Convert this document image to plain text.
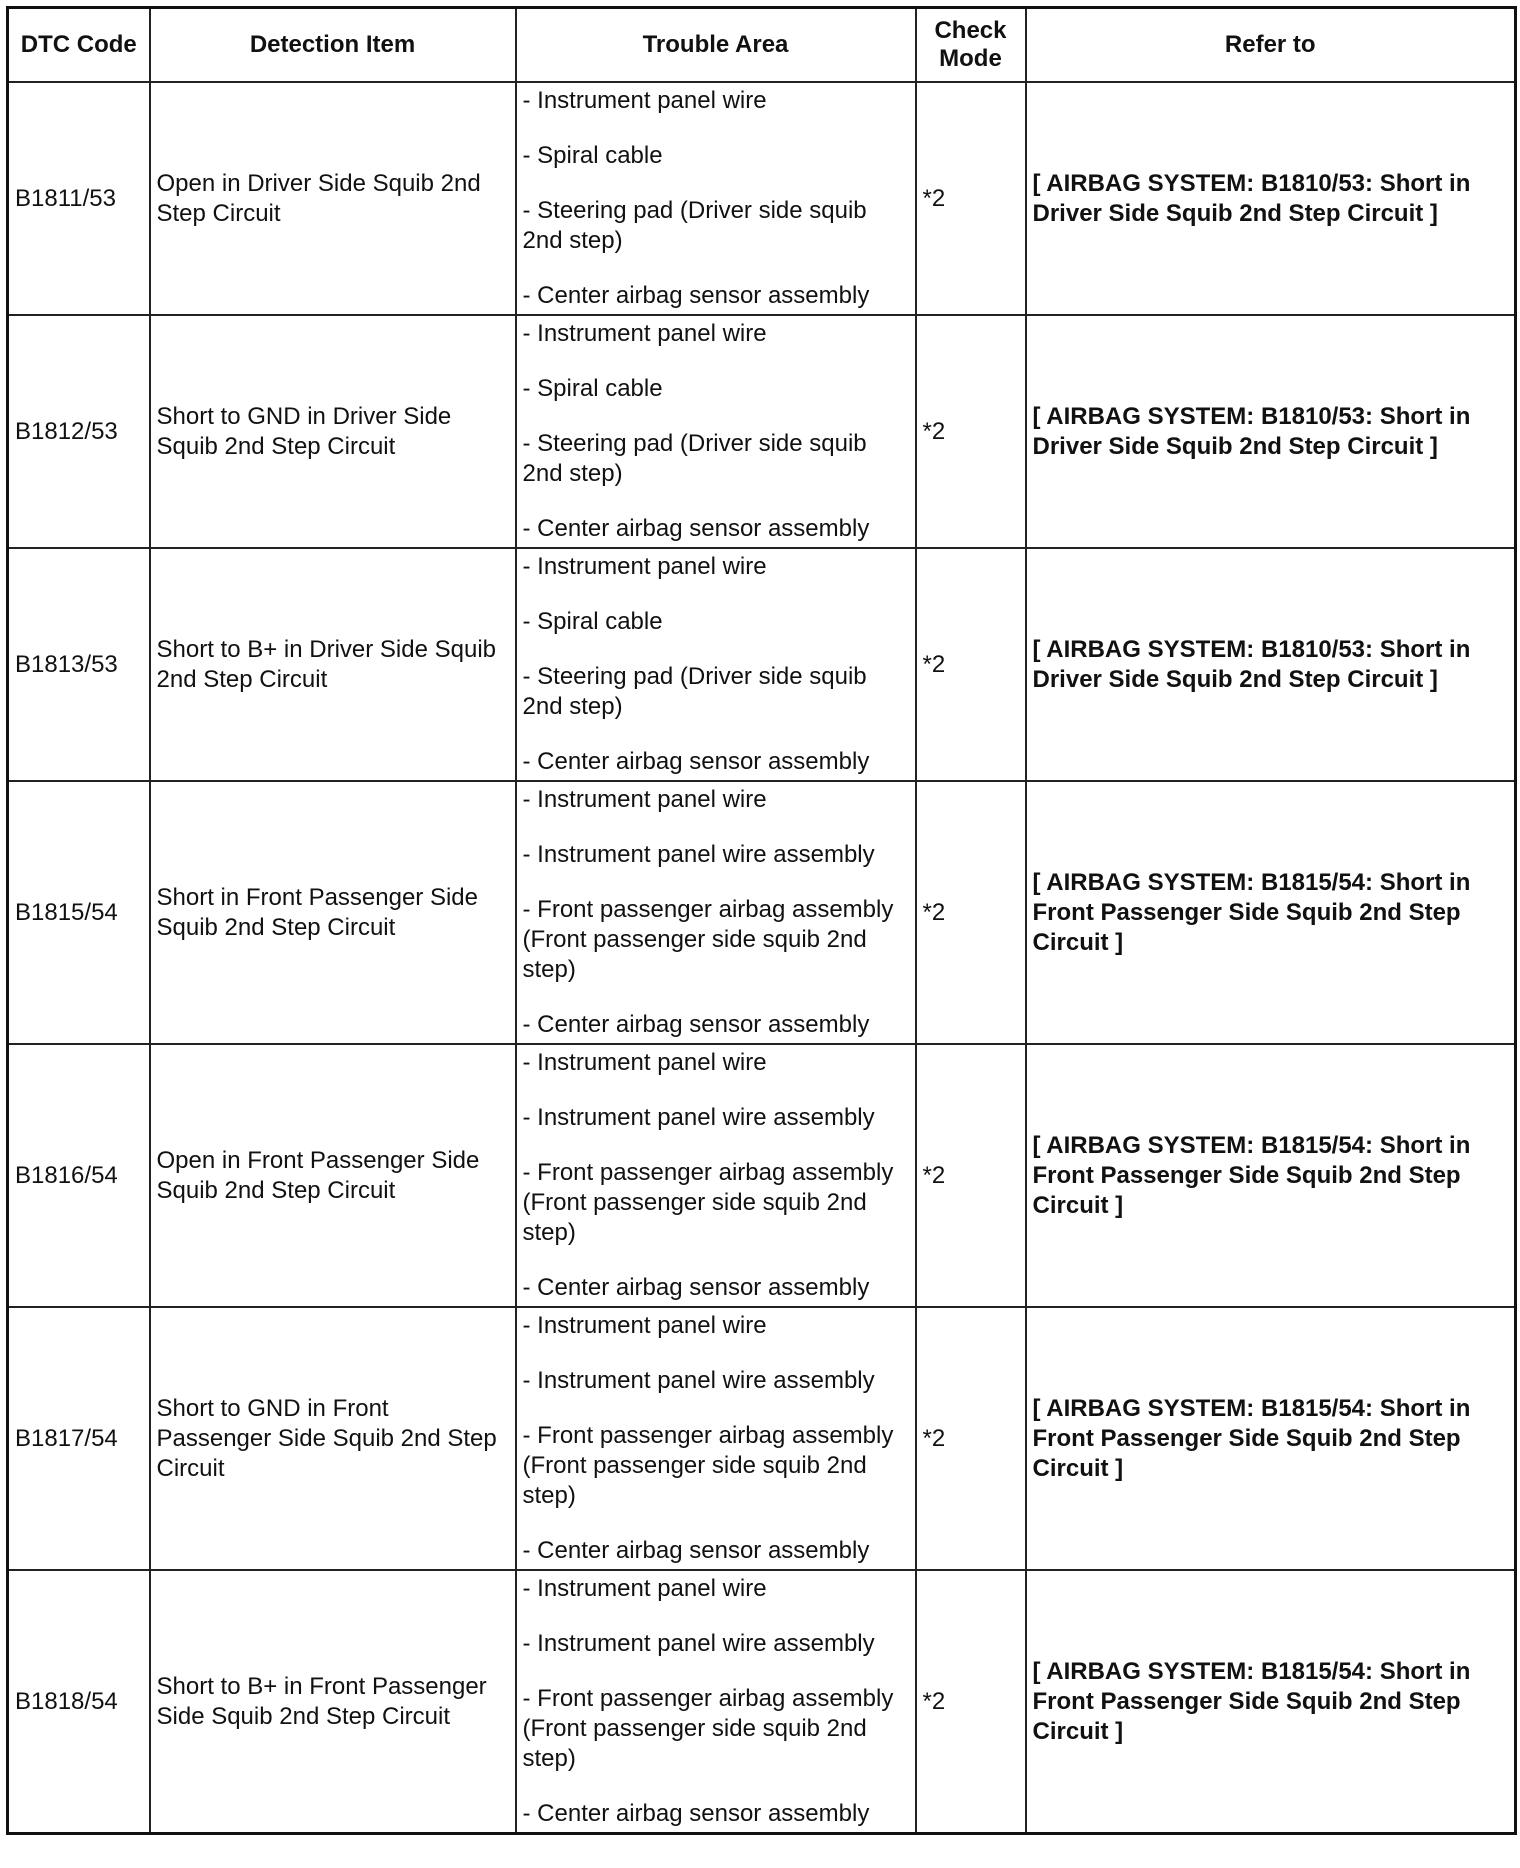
DTC Code	Detection Item	Trouble Area	Check Mode	Refer to
B1811/53	Open in Driver Side Squib 2nd Step Circuit	- Instrument panel wire
- Spiral cable
- Steering pad (Driver side squib 2nd step)
- Center airbag sensor assembly	*2	[ AIRBAG SYSTEM: B1810/53: Short in Driver Side Squib 2nd Step Circuit ]
B1812/53	Short to GND in Driver Side Squib 2nd Step Circuit	- Instrument panel wire
- Spiral cable
- Steering pad (Driver side squib 2nd step)
- Center airbag sensor assembly	*2	[ AIRBAG SYSTEM: B1810/53: Short in Driver Side Squib 2nd Step Circuit ]
B1813/53	Short to B+ in Driver Side Squib 2nd Step Circuit	- Instrument panel wire
- Spiral cable
- Steering pad (Driver side squib 2nd step)
- Center airbag sensor assembly	*2	[ AIRBAG SYSTEM: B1810/53: Short in Driver Side Squib 2nd Step Circuit ]
B1815/54	Short in Front Passenger Side Squib 2nd Step Circuit	- Instrument panel wire
- Instrument panel wire assembly
- Front passenger airbag assembly (Front passenger side squib 2nd step)
- Center airbag sensor assembly	*2	[ AIRBAG SYSTEM: B1815/54: Short in Front Passenger Side Squib 2nd Step Circuit ]
B1816/54	Open in Front Passenger Side Squib 2nd Step Circuit	- Instrument panel wire
- Instrument panel wire assembly
- Front passenger airbag assembly (Front passenger side squib 2nd step)
- Center airbag sensor assembly	*2	[ AIRBAG SYSTEM: B1815/54: Short in Front Passenger Side Squib 2nd Step Circuit ]
B1817/54	Short to GND in Front Passenger Side Squib 2nd Step Circuit	- Instrument panel wire
- Instrument panel wire assembly
- Front passenger airbag assembly (Front passenger side squib 2nd step)
- Center airbag sensor assembly	*2	[ AIRBAG SYSTEM: B1815/54: Short in Front Passenger Side Squib 2nd Step Circuit ]
B1818/54	Short to B+ in Front Passenger Side Squib 2nd Step Circuit	- Instrument panel wire
- Instrument panel wire assembly
- Front passenger airbag assembly (Front passenger side squib 2nd step)
- Center airbag sensor assembly	*2	[ AIRBAG SYSTEM: B1815/54: Short in Front Passenger Side Squib 2nd Step Circuit ]
